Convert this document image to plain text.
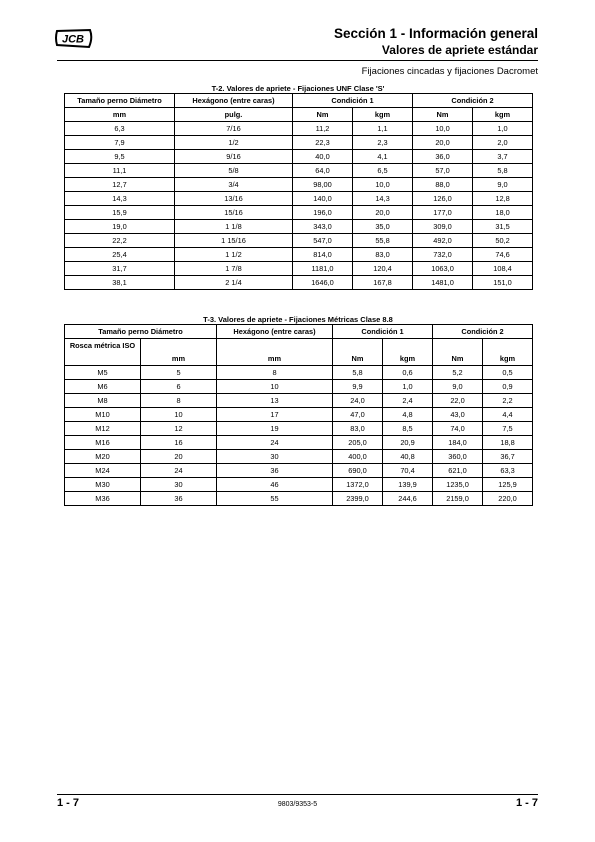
JCB	Sección 1 - Información general
Valores de apriete estándar
Fijaciones cincadas y fijaciones Dacromet
T-2. Valores de apriete - Fijaciones UNF Clase 'S'
Tamaño perno Diámetro	Hexágono (entre caras)	Condición 1		Condición 2	
mm	pulg.	Nm	kgm	Nm	kgm
6,3	7/16	11,2	1,1	10,0	1,0
7,9	1/2	22,3	2,3	20,0	2,0
9,5	9/16	40,0	4,1	36,0	3,7
11,1	5/8	64,0	6,5	57,0	5,8
12,7	3/4	98,00	10,0	88,0	9,0
14,3	13/16	140,0	14,3	126,0	12,8
15,9	15/16	196,0	20,0	177,0	18,0
19,0	1 1/8	343,0	35,0	309,0	31,5
22,2	1 15/16	547,0	55,8	492,0	50,2
25,4	1 1/2	814,0	83,0	732,0	74,6
31,7	1 7/8	1181,0	120,4	1063,0	108,4
38,1	2 1/4	1646,0	167,8	1481,0	151,0
T-3. Valores de apriete - Fijaciones Métricas Clase 8.8
Tamaño perno Diámetro		Hexágono (entre caras)	Condición 1		Condición 2	
Rosca métrica ISO	mm	mm	Nm	kgm	Nm	kgm
M5	5	8	5,8	0,6	5,2	0,5
M6	6	10	9,9	1,0	9,0	0,9
M8	8	13	24,0	2,4	22,0	2,2
M10	10	17	47,0	4,8	43,0	4,4
M12	12	19	83,0	8,5	74,0	7,5
M16	16	24	205,0	20,9	184,0	18,8
M20	20	30	400,0	40,8	360,0	36,7
M24	24	36	690,0	70,4	621,0	63,3
M30	30	46	1372,0	139,9	1235,0	125,9
M36	36	55	2399,0	244,6	2159,0	220,0
1 - 7	9803/9353-5	1 - 7
